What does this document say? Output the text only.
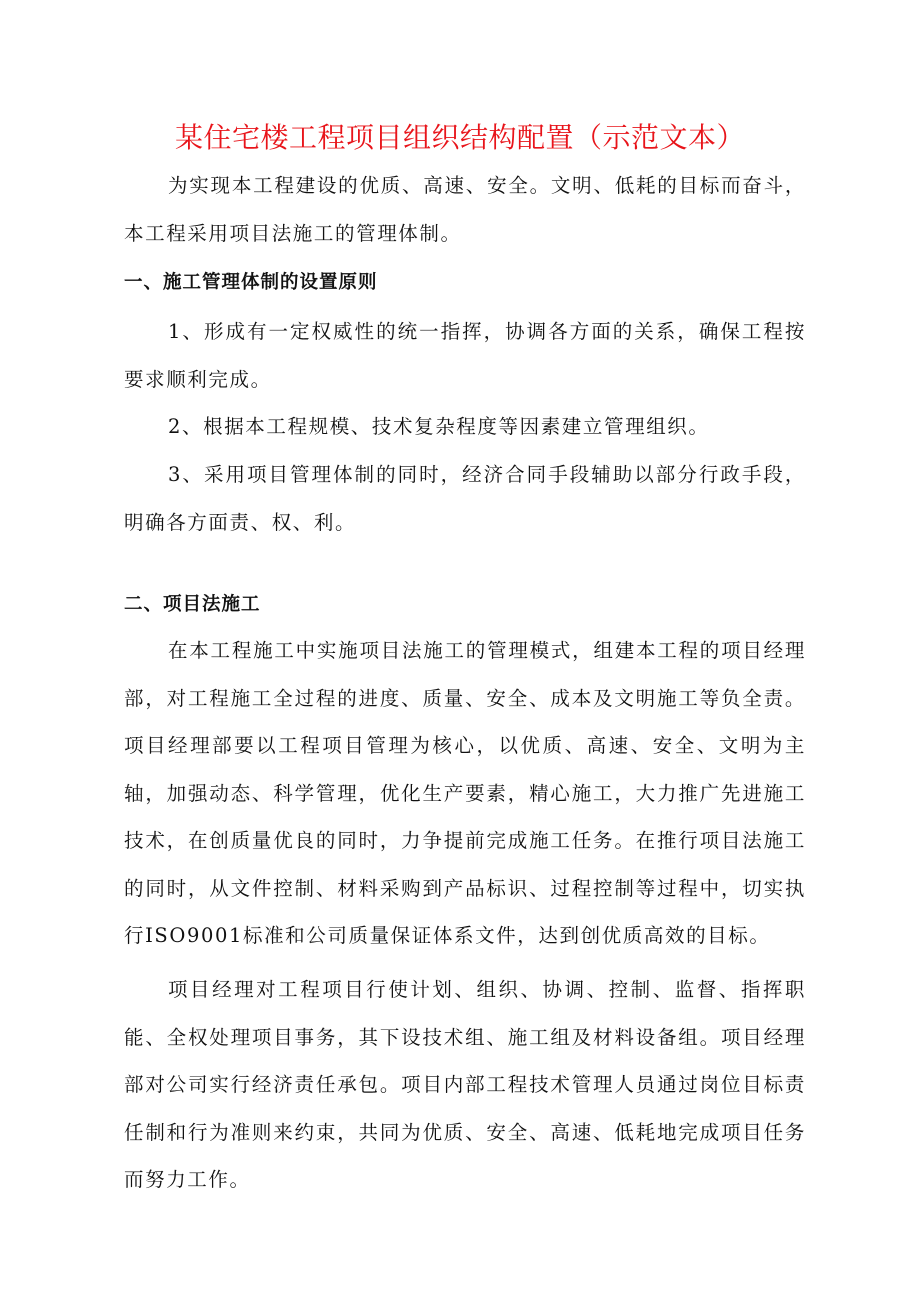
某住宅楼工程项目组织结构配置（示范文本）

为实现本工程建设的优质、高速、安全。文明、低耗的目标而奋斗，本工程采用项目法施工的管理体制。

一、施工管理体制的设置原则

1、形成有一定权威性的统一指挥，协调各方面的关系，确保工程按要求顺利完成。

2、根据本工程规模、技术复杂程度等因素建立管理组织。

3、采用项目管理体制的同时，经济合同手段辅助以部分行政手段，明确各方面责、权、利。

二、项目法施工

在本工程施工中实施项目法施工的管理模式，组建本工程的项目经理部，对工程施工全过程的进度、质量、安全、成本及文明施工等负全责。项目经理部要以工程项目管理为核心，以优质、高速、安全、文明为主轴，加强动态、科学管理，优化生产要素，精心施工，大力推广先进施工技术，在创质量优良的同时，力争提前完成施工任务。在推行项目法施工的同时，从文件控制、材料采购到产品标识、过程控制等过程中，切实执行ISO9001标准和公司质量保证体系文件，达到创优质高效的目标。

项目经理对工程项目行使计划、组织、协调、控制、监督、指挥职能、全权处理项目事务，其下设技术组、施工组及材料设备组。项目经理部对公司实行经济责任承包。项目内部工程技术管理人员通过岗位目标责任制和行为准则来约束，共同为优质、安全、高速、低耗地完成项目任务而努力工作。
